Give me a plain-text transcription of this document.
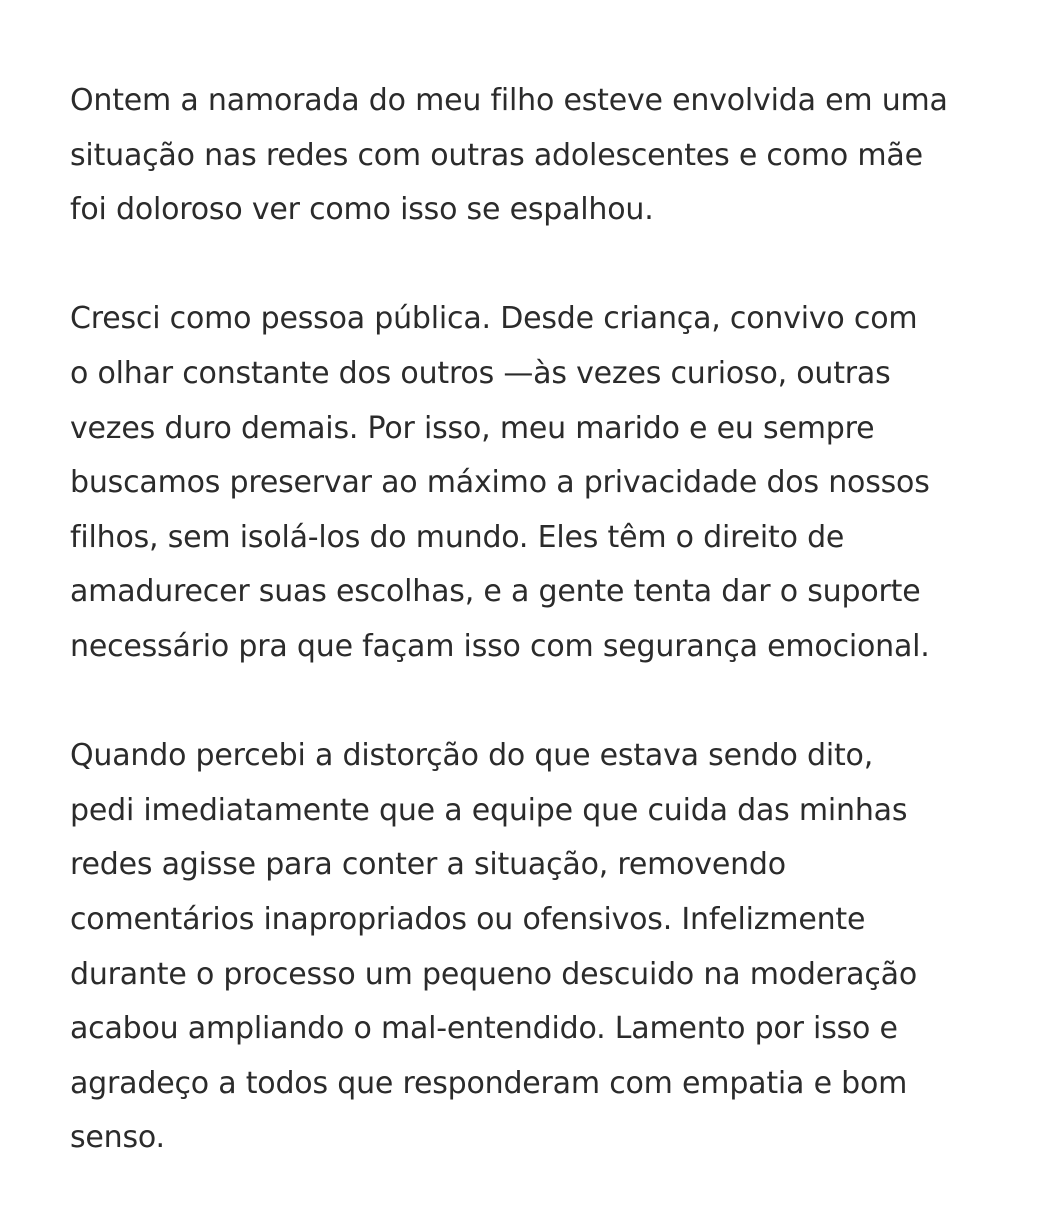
Ontem a namorada do meu filho esteve envolvida em uma
situação nas redes com outras adolescentes e como mãe
foi doloroso ver como isso se espalhou.

Cresci como pessoa pública. Desde criança, convivo com
o olhar constante dos outros —às vezes curioso, outras
vezes duro demais. Por isso, meu marido e eu sempre
buscamos preservar ao máximo a privacidade dos nossos
filhos, sem isolá-los do mundo. Eles têm o direito de
amadurecer suas escolhas, e a gente tenta dar o suporte
necessário pra que façam isso com segurança emocional.

Quando percebi a distorção do que estava sendo dito,
pedi imediatamente que a equipe que cuida das minhas
redes agisse para conter a situação, removendo
comentários inapropriados ou ofensivos. Infelizmente
durante o processo um pequeno descuido na moderação
acabou ampliando o mal-entendido. Lamento por isso e
agradeço a todos que responderam com empatia e bom
senso.
